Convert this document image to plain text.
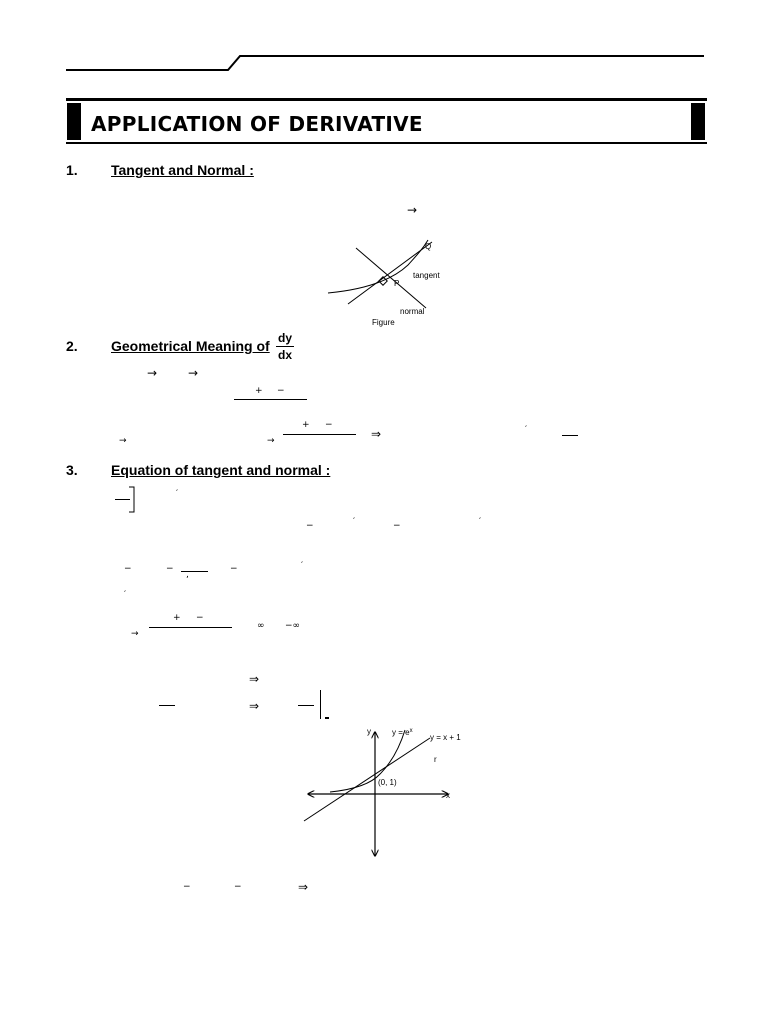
APPLICATION OF DERIVATIVE
1. Tangent and Normal :
→
Q
P
tangent
normal
Figure
2. Geometrical Meaning of dy
dx
→	→
+ −
+ −
⇒	′
→	→
3. Equation of tangent and normal :
′
−	′	−	′
−	−
,
−	′
′
+ −
∞ −∞
→
⇒
⇒
y	$y = e^x$
y = x + 1
r
(0, 1)
x
−	−	⇒
